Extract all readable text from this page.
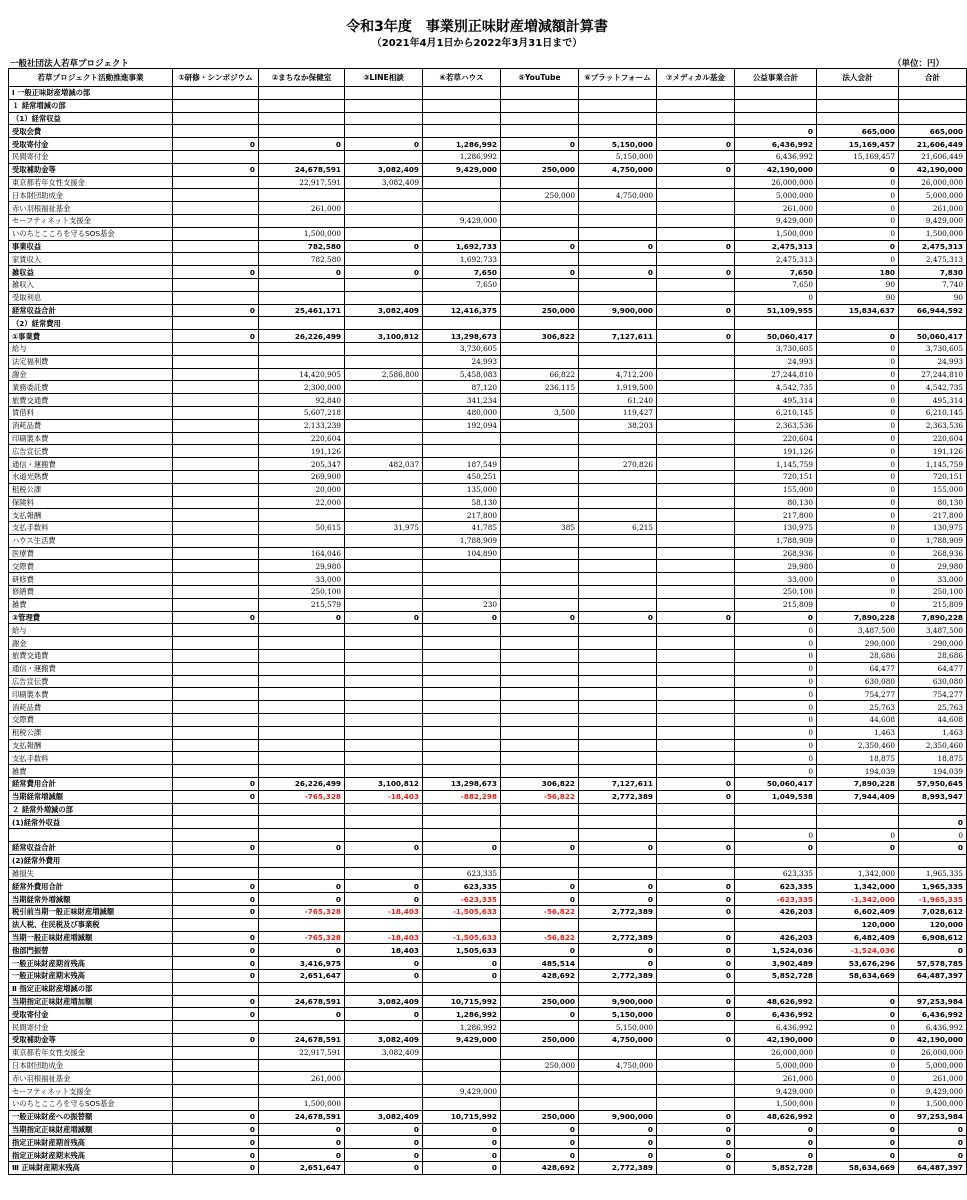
令和3年度　事業別正味財産増減額計算書
（2021年4月1日から2022年3月31日まで）
一般社団法人若草プロジェクト	（単位：円）
若草プロジェクト活動推進事業	①研修・シンポジウム	②まちなか保健室	③LINE相談	④若草ハウス	⑤YouTube	⑥プラットフォーム	⑦メディカル基金	公益事業合計	法人会計	合計
Ⅰ 一般正味財産増減の部										
１ 経常増減の部										
（1）経常収益										
受取会費								0	665,000	665,000
受取寄付金	0	0	0	1,286,992	0	5,150,000	0	6,436,992	15,169,457	21,606,449
民間寄付金				1,286,992		5,150,000		6,436,992	15,169,457	21,606,449
受取補助金等	0	24,678,591	3,082,409	9,429,000	250,000	4,750,000	0	42,190,000	0	42,190,000
東京都若年女性支援金		22,917,591	3,082,409					26,000,000	0	26,000,000
日本財団助成金					250,000	4,750,000		5,000,000	0	5,000,000
赤い羽根福祉基金		261,000						261,000	0	261,000
セーフティネット支援金				9,429,000				9,429,000	0	9,429,000
いのちとこころを守るSOS基金		1,500,000						1,500,000	0	1,500,000
事業収益		782,580	0	1,692,733	0	0	0	2,475,313	0	2,475,313
家賃収入		782,580		1,692,733				2,475,313	0	2,475,313
雑収益	0	0	0	7,650	0	0	0	7,650	180	7,830
雑収入				7,650				7,650	90	7,740
受取利息								0	90	90
経常収益合計	0	25,461,171	3,082,409	12,416,375	250,000	9,900,000	0	51,109,955	15,834,637	66,944,592
（2）経常費用										
①事業費	0	26,226,499	3,100,812	13,298,673	306,822	7,127,611	0	50,060,417	0	50,060,417
給与				3,730,605				3,730,605	0	3,730,605
法定福利費				24,993				24,993	0	24,993
謝金		14,420,905	2,586,800	5,458,083	66,822	4,712,200		27,244,810	0	27,244,810
業務委託費		2,300,000		87,120	236,115	1,919,500		4,542,735	0	4,542,735
旅費交通費		92,840		341,234		61,240		495,314	0	495,314
賃借料		5,607,218		480,000	3,500	119,427		6,210,145	0	6,210,145
消耗品費		2,133,239		192,094		38,203		2,363,536	0	2,363,536
印刷製本費		220,604						220,604	0	220,604
広告宣伝費		191,126						191,126	0	191,126
通信・運搬費		205,347	482,037	187,549		270,826		1,145,759	0	1,145,759
水道光熱費		269,900		450,251				720,151	0	720,151
租税公課		20,000		135,000				155,000	0	155,000
保険料		22,000		58,130				80,130	0	80,130
支払報酬				217,800				217,800	0	217,800
支払手数料		50,615	31,975	41,785	385	6,215		130,975	0	130,975
ハウス生活費				1,788,909				1,788,909	0	1,788,909
医療費		164,046		104,890				268,936	0	268,936
交際費		29,980						29,980	0	29,980
研修費		33,000						33,000	0	33,000
修繕費		250,100						250,100	0	250,100
雑費		215,579		230				215,809	0	215,809
②管理費	0	0	0	0	0	0	0	0	7,890,228	7,890,228
給与								0	3,487,500	3,487,500
謝金								0	290,000	290,000
旅費交通費								0	28,686	28,686
通信・運搬費								0	64,477	64,477
広告宣伝費								0	630,080	630,080
印刷製本費								0	754,277	754,277
消耗品費								0	25,763	25,763
交際費								0	44,608	44,608
租税公課								0	1,463	1,463
支払報酬								0	2,350,460	2,350,460
支払手数料								0	18,875	18,875
雑費								0	194,039	194,039
経常費用合計	0	26,226,499	3,100,812	13,298,673	306,822	7,127,611	0	50,060,417	7,890,228	57,950,645
当期経常増減額	0	-765,328	-18,403	-882,298	-56,822	2,772,389	0	1,049,538	7,944,409	8,993,947
２ 経常外増減の部										
(1)経常外収益										0
								0	0	0
経常収益合計	0	0	0	0	0	0	0	0	0	0
(2)経常外費用										
雑損失				623,335				623,335	1,342,000	1,965,335
経常外費用合計	0	0	0	623,335	0	0	0	623,335	1,342,000	1,965,335
当期経常外増減額	0	0	0	-623,335	0	0	0	-623,335	-1,342,000	-1,965,335
税引前当期一般正味財産増減額	0	-765,328	-18,403	-1,505,633	-56,822	2,772,389	0	426,203	6,602,409	7,028,612
法人税、住民税及び事業税									120,000	120,000
当期一般正味財産増減額	0	-765,328	-18,403	-1,505,633	-56,822	2,772,389	0	426,203	6,482,409	6,908,612
他部門振替	0	0	18,403	1,505,633	0	0	0	1,524,036	-1,524,036	0
一般正味財産期首残高	0	3,416,975	0	0	485,514	0	0	3,902,489	53,676,296	57,578,785
一般正味財産期末残高	0	2,651,647	0	0	428,692	2,772,389	0	5,852,728	58,634,669	64,487,397
Ⅱ 指定正味財産増減の部										
当期指定正味財産増加額	0	24,678,591	3,082,409	10,715,992	250,000	9,900,000	0	48,626,992	0	97,253,984
受取寄付金	0	0	0	1,286,992	0	5,150,000	0	6,436,992	0	6,436,992
民間寄付金				1,286,992		5,150,000		6,436,992	0	6,436,992
受取補助金等	0	24,678,591	3,082,409	9,429,000	250,000	4,750,000	0	42,190,000	0	42,190,000
東京都若年女性支援金		22,917,591	3,082,409					26,000,000	0	26,000,000
日本財団助成金					250,000	4,750,000		5,000,000	0	5,000,000
赤い羽根福祉基金		261,000						261,000	0	261,000
セーフティネット支援金				9,429,000				9,429,000	0	9,429,000
いのちとこころを守るSOS基金		1,500,000						1,500,000	0	1,500,000
一般正味財産への振替額	0	24,678,591	3,082,409	10,715,992	250,000	9,900,000	0	48,626,992	0	97,253,984
当期指定正味財産増減額	0	0	0	0	0	0	0	0	0	0
指定正味財産期首残高	0	0	0	0	0	0	0	0	0	0
指定正味財産期末残高	0	0	0	0	0	0	0	0	0	0
Ⅲ 正味財産期末残高	0	2,651,647	0	0	428,692	2,772,389	0	5,852,728	58,634,669	64,487,397
